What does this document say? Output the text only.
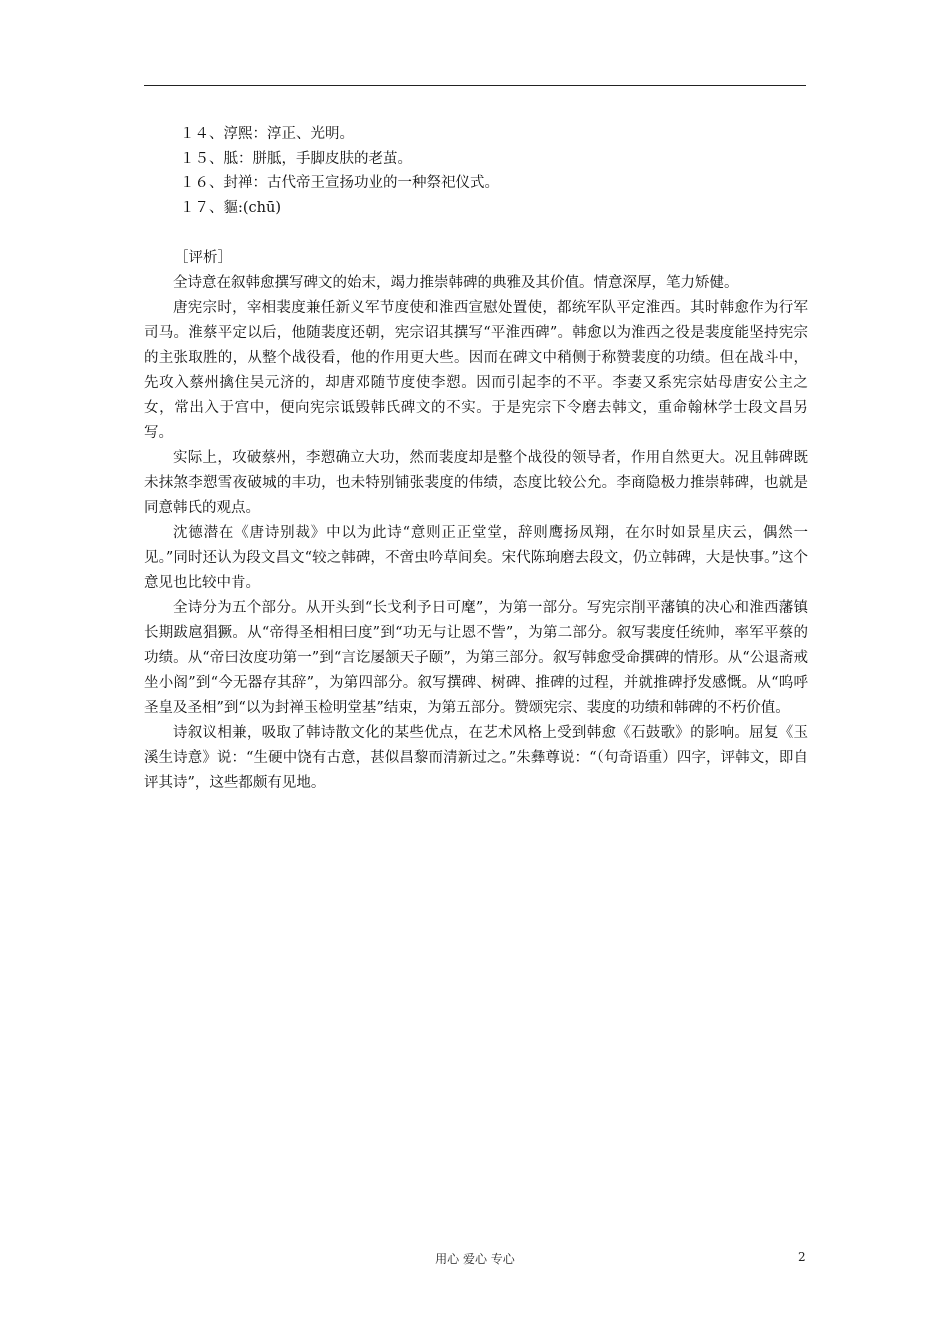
１４、淳熙：淳正、光明。
１５、胝：胼胝，手脚皮肤的老茧。
１６、封禅：古代帝王宣扬功业的一种祭祀仪式。
１７、貙:(chū)
［评析］

全诗意在叙韩愈撰写碑文的始末，竭力推崇韩碑的典雅及其价值。情意深厚，笔力矫健。

唐宪宗时，宰相裴度兼任新义军节度使和淮西宣慰处置使，都统军队平定淮西。其时韩愈作为行军司马。淮蔡平定以后，他随裴度还朝，宪宗诏其撰写“平淮西碑”。韩愈以为淮西之役是裴度能坚持宪宗的主张取胜的，从整个战役看，他的作用更大些。因而在碑文中稍侧于称赞裴度的功绩。但在战斗中，先攻入蔡州擒住吴元济的，却唐邓随节度使李愬。因而引起李的不平。李妻又系宪宗姑母唐安公主之女，常出入于宫中，便向宪宗诋毁韩氏碑文的不实。于是宪宗下令磨去韩文，重命翰林学士段文昌另写。

实际上，攻破蔡州，李愬确立大功，然而裴度却是整个战役的领导者，作用自然更大。况且韩碑既未抹煞李愬雪夜破城的丰功，也未特别铺张裴度的伟绩，态度比较公允。李商隐极力推崇韩碑，也就是同意韩氏的观点。

沈德潜在《唐诗别裁》中以为此诗“意则正正堂堂，辞则鹰扬凤翔，在尔时如景星庆云，偶然一见。”同时还认为段文昌文“较之韩碑，不啻虫吟草间矣。宋代陈珦磨去段文，仍立韩碑，大是快事。”这个意见也比较中肯。

全诗分为五个部分。从开头到“长戈利予日可麾”，为第一部分。写宪宗削平藩镇的决心和淮西藩镇长期跋扈猖獗。从“帝得圣相相曰度”到“功无与让恩不訾”，为第二部分。叙写裴度任统帅，率军平蔡的功绩。从“帝曰汝度功第一”到“言讫屡颔天子颐”，为第三部分。叙写韩愈受命撰碑的情形。从“公退斋戒坐小阁”到“今无器存其辞”，为第四部分。叙写撰碑、树碑、推碑的过程，并就推碑抒发感慨。从“呜呼圣皇及圣相”到“以为封禅玉检明堂基”结束，为第五部分。赞颂宪宗、裴度的功绩和韩碑的不朽价值。

诗叙议相兼，吸取了韩诗散文化的某些优点，在艺术风格上受到韩愈《石鼓歌》的影响。屈复《玉溪生诗意》说：“生硬中饶有古意，甚似昌黎而清新过之。”朱彝尊说：“（句奇语重）四字，评韩文，即自评其诗”，这些都颇有见地。

用心 爱心 专心	2
